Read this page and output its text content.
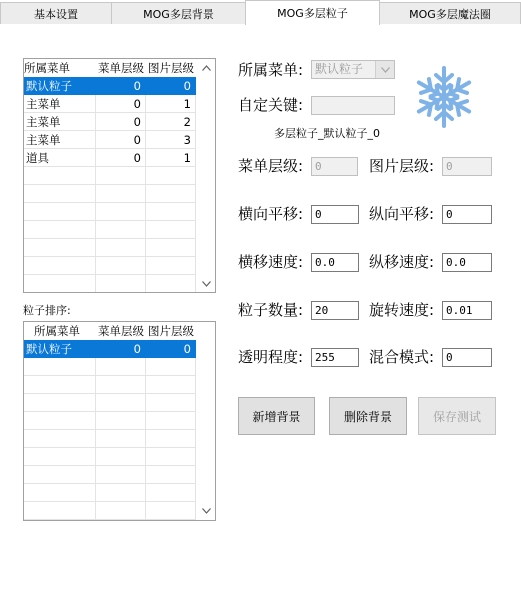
基本设置	MOG多层背景	MOG多层粒子	MOG多层魔法圈
所属菜单	菜单层级 图片层级
默认粒子	0	0
主菜单	0	1
主菜单	0	2
主菜单	0	3
道具	0	1
粒子排序:
所属菜单	菜单层级 图片层级
默认粒子	0	0
所属菜单: 默认粒子
自定关键:
多层粒子_默认粒子_0
菜单层级:	0	图片层级:	0
横向平移:	0	纵向平移:	0
横移速度:	0.0	纵移速度:	0.0
粒子数量:	20	旋转速度:	0.01
透明程度:	255	混合模式:	0
新增背景	删除背景	保存测试
